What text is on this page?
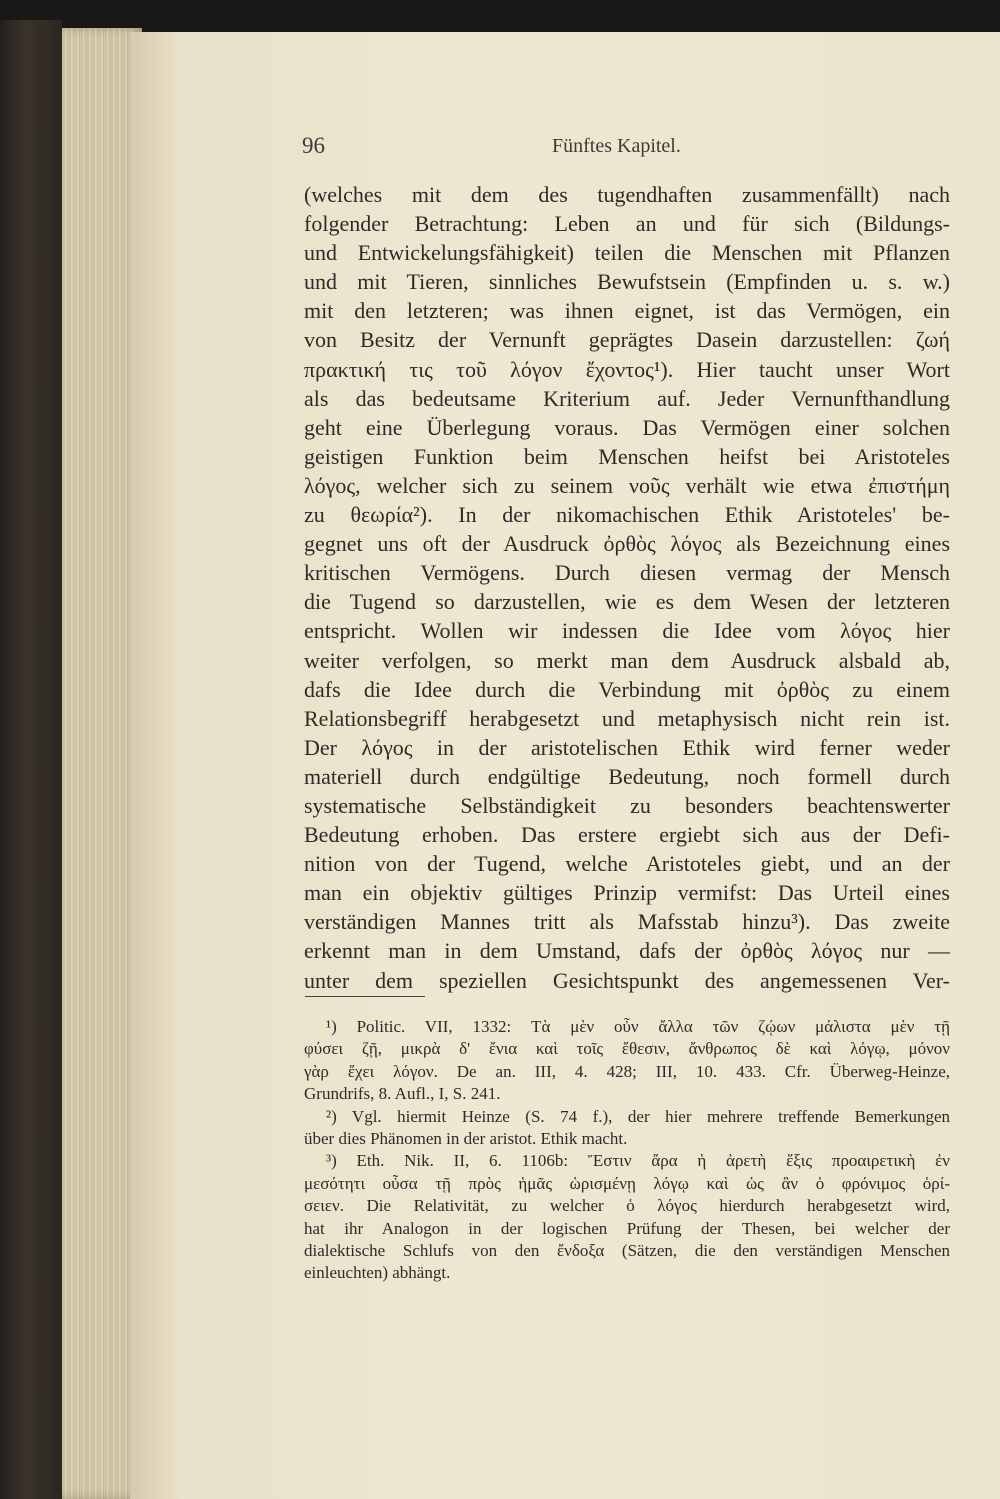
96	Fünftes Kapitel.
(welches mit dem des tugendhaften zusammenfällt) nach
folgender Betrachtung: Leben an und für sich (Bildungs-
und Entwickelungsfähigkeit) teilen die Menschen mit Pflanzen
und mit Tieren, sinnliches Bewufstsein (Empfinden u. s. w.)
mit den letzteren; was ihnen eignet, ist das Vermögen, ein
von Besitz der Vernunft geprägtes Dasein darzustellen: ζωή
πρακτική τις τοῦ λόγον ἔχοντος¹). Hier taucht unser Wort
als das bedeutsame Kriterium auf. Jeder Vernunfthandlung
geht eine Überlegung voraus. Das Vermögen einer solchen
geistigen Funktion beim Menschen heifst bei Aristoteles
λόγος, welcher sich zu seinem νοῦς verhält wie etwa ἐπιστήμη
zu θεωρία²). In der nikomachischen Ethik Aristoteles' be-
gegnet uns oft der Ausdruck ὀρθὸς λόγος als Bezeichnung eines
kritischen Vermögens. Durch diesen vermag der Mensch
die Tugend so darzustellen, wie es dem Wesen der letzteren
entspricht. Wollen wir indessen die Idee vom λόγος hier
weiter verfolgen, so merkt man dem Ausdruck alsbald ab,
dafs die Idee durch die Verbindung mit ὀρθὸς zu einem
Relationsbegriff herabgesetzt und metaphysisch nicht rein ist.
Der λόγος in der aristotelischen Ethik wird ferner weder
materiell durch endgültige Bedeutung, noch formell durch
systematische Selbständigkeit zu besonders beachtenswerter
Bedeutung erhoben. Das erstere ergiebt sich aus der Defi-
nition von der Tugend, welche Aristoteles giebt, und an der
man ein objektiv gültiges Prinzip vermifst: Das Urteil eines
verständigen Mannes tritt als Mafsstab hinzu³). Das zweite
erkennt man in dem Umstand, dafs der ὀρθὸς λόγος nur —
unter dem speziellen Gesichtspunkt des angemessenen Ver-
¹) Politic. VII, 1332: Τὰ μὲν οὖν ἄλλα τῶν ζῴων μάλιστα μὲν τῇ
φύσει ζῇ, μικρὰ δ' ἔνια καὶ τοῖς ἔθεσιν, ἄνθρωπος δὲ καὶ λόγῳ, μόνον
γὰρ ἔχει λόγον. De an. III, 4. 428; III, 10. 433. Cfr. Überweg-Heinze,
Grundrifs, 8. Aufl., I, S. 241.
²) Vgl. hiermit Heinze (S. 74 f.), der hier mehrere treffende Bemerkungen
über dies Phänomen in der aristot. Ethik macht.
³) Eth. Nik. II, 6. 1106b: Ἔστιν ἄρα ἡ ἀρετὴ ἕξις προαιρετικὴ ἐν
μεσότητι οὖσα τῇ πρὸς ἡμᾶς ὡρισμένῃ λόγῳ καὶ ὡς ἂν ὁ φρόνιμος ὁρί-
σειεν. Die Relativität, zu welcher ὁ λόγος hierdurch herabgesetzt wird,
hat ihr Analogon in der logischen Prüfung der Thesen, bei welcher der
dialektische Schlufs von den ἔνδοξα (Sätzen, die den verständigen Menschen
einleuchten) abhängt.
